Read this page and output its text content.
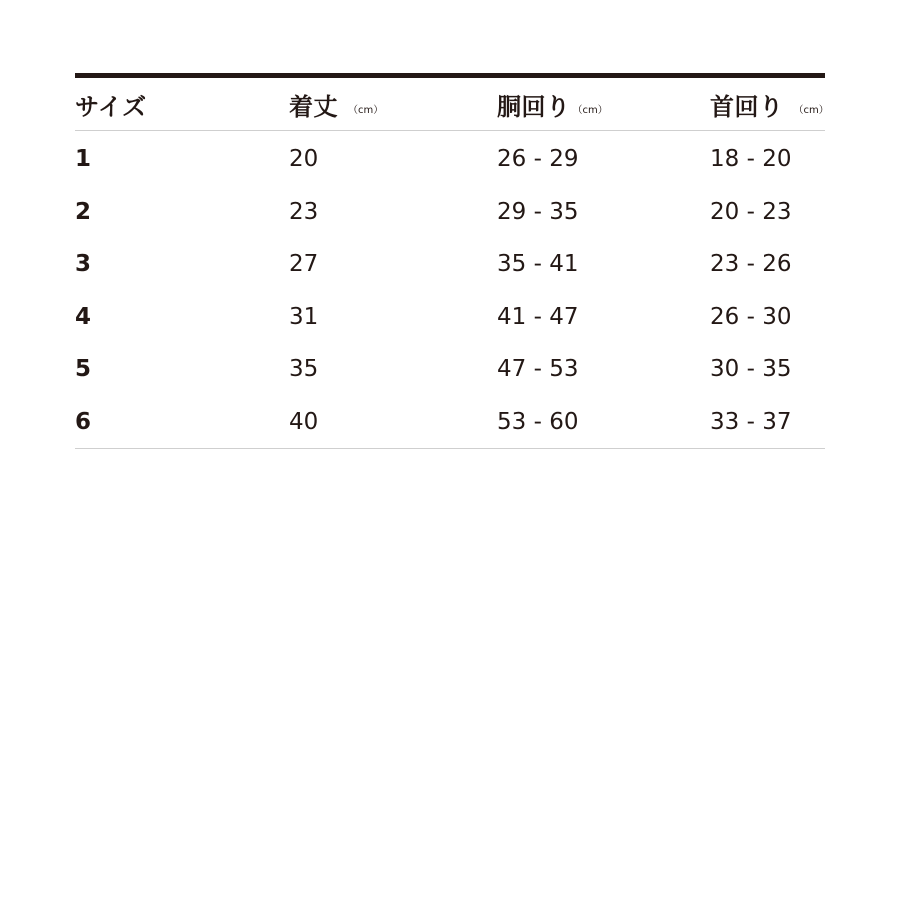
サイズ	着丈 （cm）	胴回り （cm）	首回り （cm）
1	20	26 - 29	18 - 20
2	23	29 - 35	20 - 23
3	27	35 - 41	23 - 26
4	31	41 - 47	26 - 30
5	35	47 - 53	30 - 35
6	40	53 - 60	33 - 37
